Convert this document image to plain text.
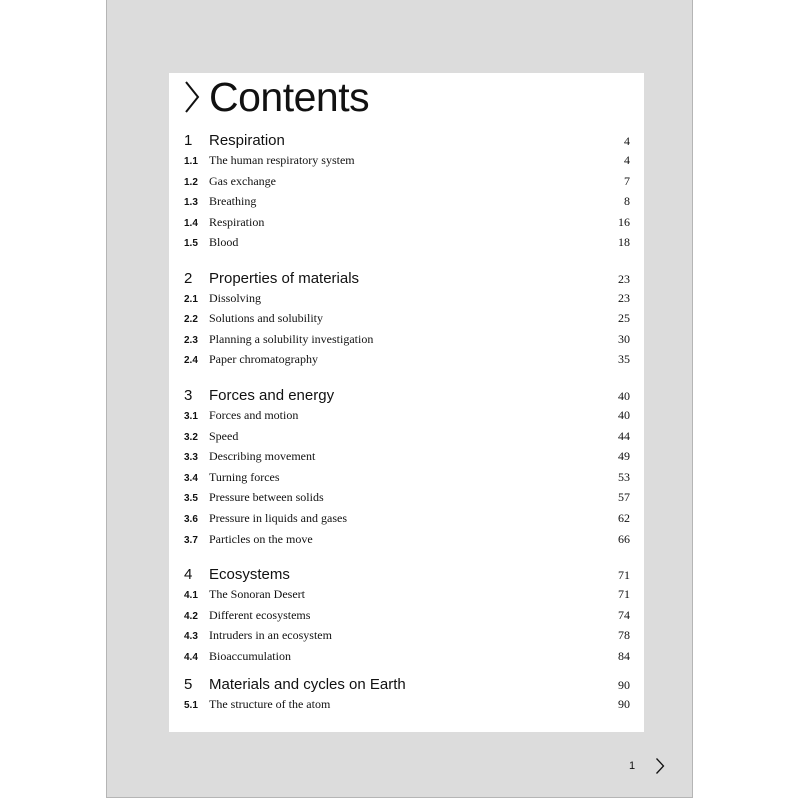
Contents
1	Respiration	4
1.1 The human respiratory system	4
1.2 Gas exchange	7
1.3 Breathing	8
1.4 Respiration	16
1.5 Blood	18
2	Properties of materials	23
2.1 Dissolving	23
2.2 Solutions and solubility	25
2.3 Planning a solubility investigation	30
2.4 Paper chromatography	35
3	Forces and energy	40
3.1 Forces and motion	40
3.2 Speed	44
3.3 Describing movement	49
3.4 Turning forces	53
3.5 Pressure between solids	57
3.6 Pressure in liquids and gases	62
3.7 Particles on the move	66
4	Ecosystems	71
4.1 The Sonoran Desert	71
4.2 Different ecosystems	74
4.3 Intruders in an ecosystem	78
4.4 Bioaccumulation	84
5	Materials and cycles on Earth	90
5.1 The structure of the atom	90
1
